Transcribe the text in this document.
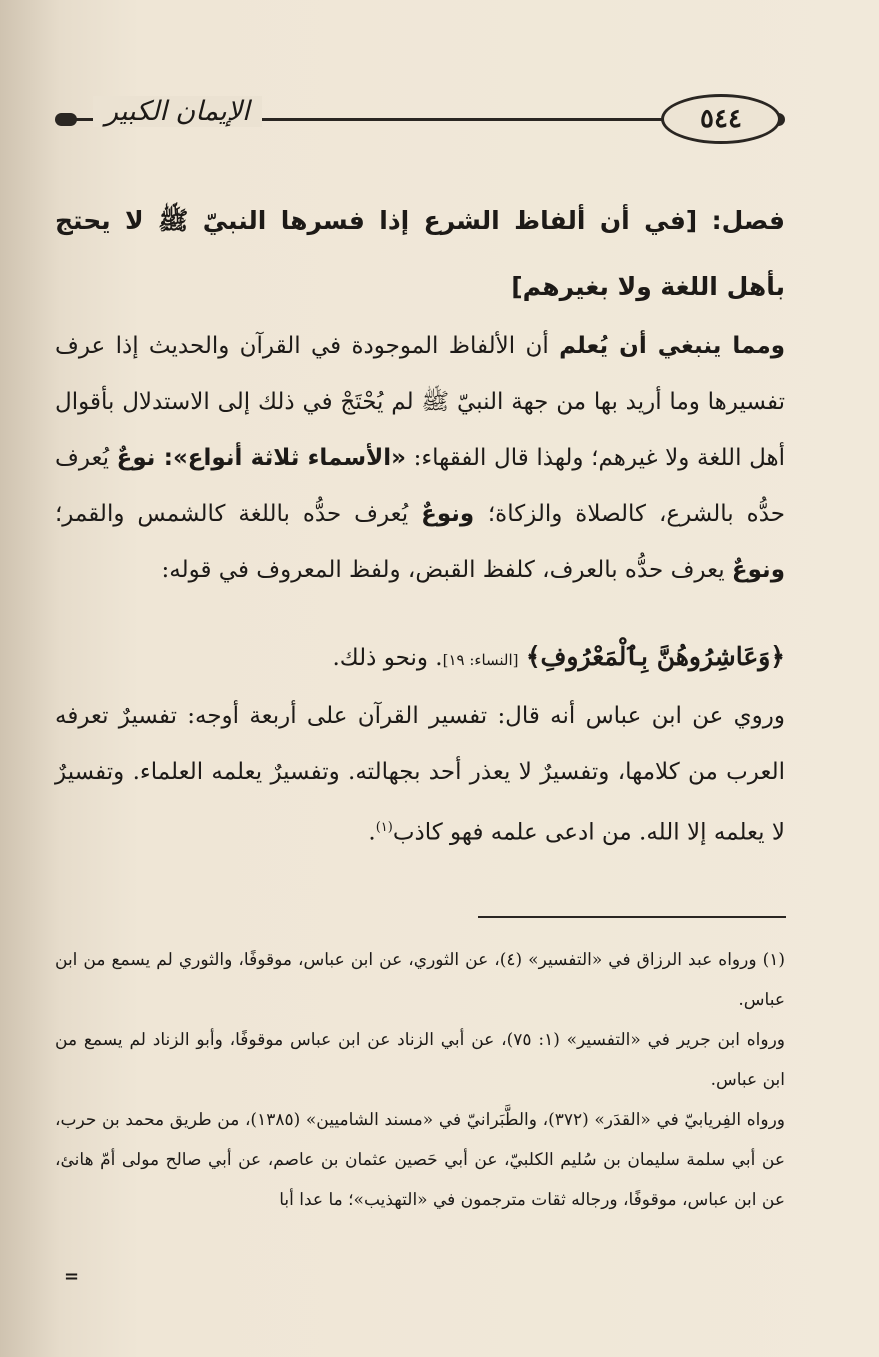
الإيمان الكبير	٥٤٤
فصل: [في أن ألفاظ الشرع إذا فسرها النبيّ ﷺ لا يحتج بأهل اللغة ولا بغيرهم]
ومما ينبغي أن يُعلم أن الألفاظ الموجودة في القرآن والحديث إذا عرف تفسيرها وما أريد بها من جهة النبيّ ﷺ لم يُحْتَجْ في ذلك إلى الاستدلال بأقوال أهل اللغة ولا غيرهم؛ ولهذا قال الفقهاء: «الأسماء ثلاثة أنواع»: نوعٌ يُعرف حدُّه بالشرع، كالصلاة والزكاة؛ ونوعٌ يُعرف حدُّه باللغة كالشمس والقمر؛ ونوعٌ يعرف حدُّه بالعرف، كلفظ القبض، ولفظ المعروف في قوله:
﴿وَعَاشِرُوهُنَّ بِٱلْمَعْرُوفِ﴾ [النساء: ١٩]. ونحو ذلك.
وروي عن ابن عباس أنه قال: تفسير القرآن على أربعة أوجه: تفسيرٌ تعرفه العرب من كلامها، وتفسيرٌ لا يعذر أحد بجهالته. وتفسيرٌ يعلمه العلماء. وتفسيرٌ لا يعلمه إلا الله. من ادعى علمه فهو كاذب$^{(١)}$.
(١) ورواه عبد الرزاق في «التفسير» (٤)، عن الثوري، عن ابن عباس، موقوفًا، والثوري لم يسمع من ابن عباس.
ورواه ابن جرير في «التفسير» (١: ٧٥)، عن أبي الزناد عن ابن عباس موقوفًا، وأبو الزناد لم يسمع من ابن عباس.
ورواه الفِريابيّ في «القدَر» (٣٧٢)، والطَّبَرانيّ في «مسند الشاميين» (١٣٨٥)، من طريق محمد بن حرب، عن أبي سلمة سليمان بن سُليم الكلبيّ، عن أبي حَصين عثمان بن عاصم، عن أبي صالح مولى أمّ هانئ، عن ابن عباس، موقوفًا، ورجاله ثقات مترجمون في «التهذيب»؛ ما عدا أبا
=
